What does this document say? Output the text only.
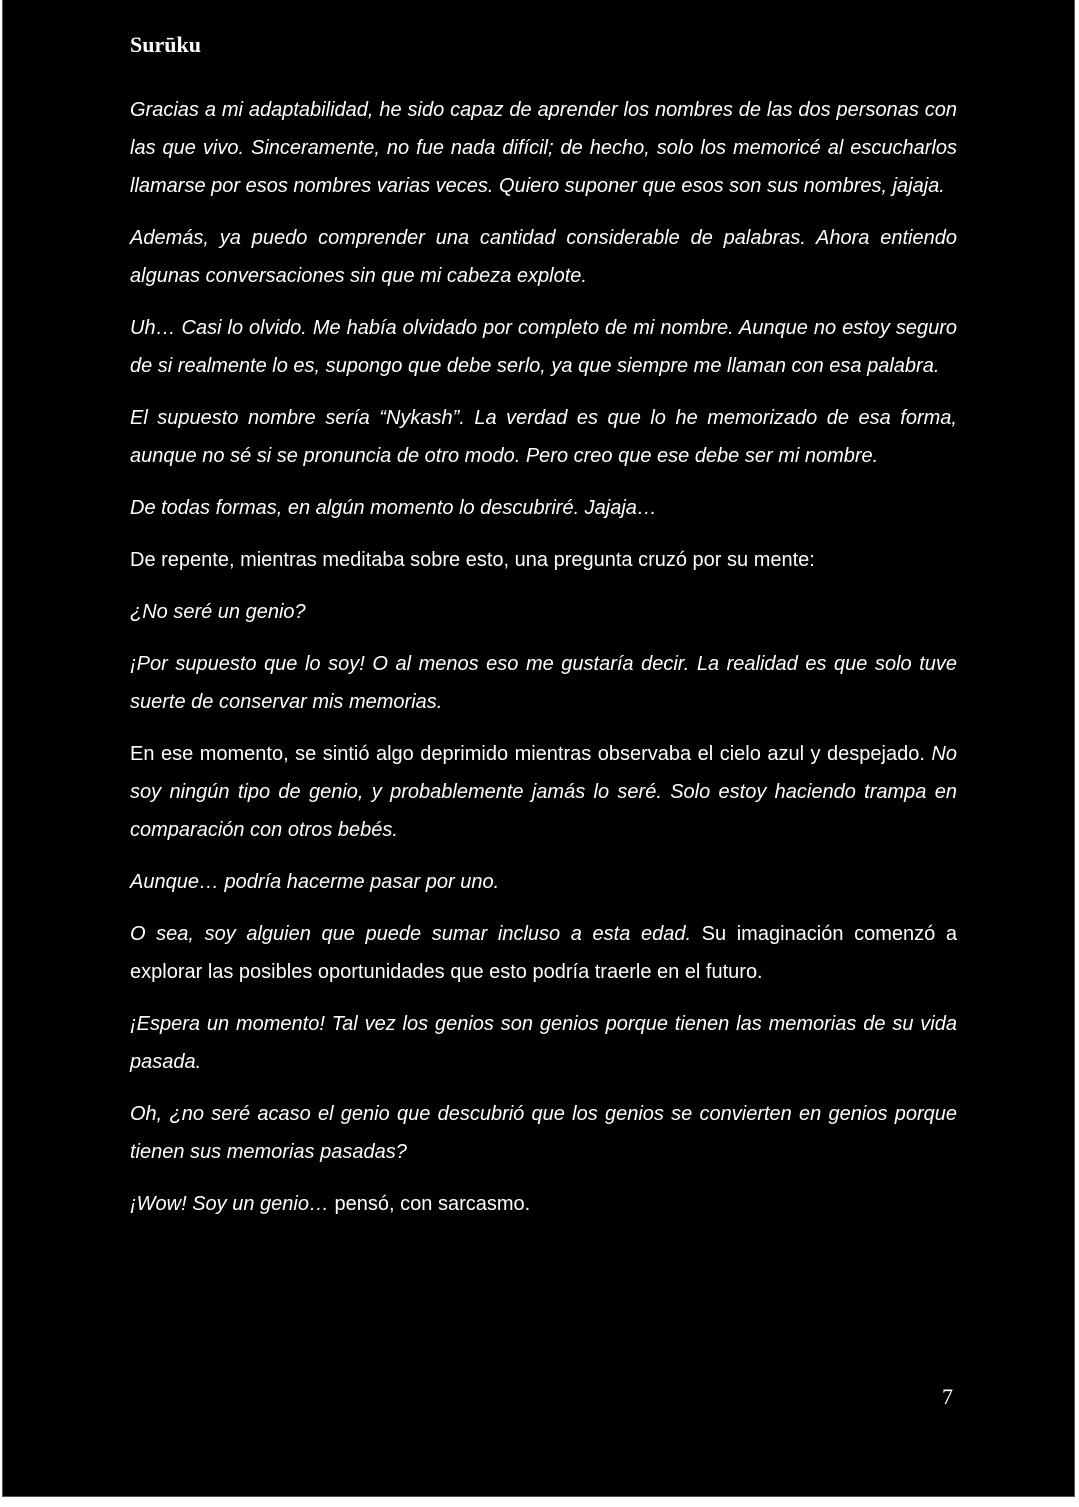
Surūku

Gracias a mi adaptabilidad, he sido capaz de aprender los nombres de las dos personas con las que vivo. Sinceramente, no fue nada difícil; de hecho, solo los memoricé al escucharlos llamarse por esos nombres varias veces. Quiero suponer que esos son sus nombres, jajaja.

Además, ya puedo comprender una cantidad considerable de palabras. Ahora entiendo algunas conversaciones sin que mi cabeza explote.

Uh… Casi lo olvido. Me había olvidado por completo de mi nombre. Aunque no estoy seguro de si realmente lo es, supongo que debe serlo, ya que siempre me llaman con esa palabra.

El supuesto nombre sería “Nykash”. La verdad es que lo he memorizado de esa forma, aunque no sé si se pronuncia de otro modo. Pero creo que ese debe ser mi nombre.

De todas formas, en algún momento lo descubriré. Jajaja…

De repente, mientras meditaba sobre esto, una pregunta cruzó por su mente:

¿No seré un genio?

¡Por supuesto que lo soy! O al menos eso me gustaría decir. La realidad es que solo tuve suerte de conservar mis memorias.

En ese momento, se sintió algo deprimido mientras observaba el cielo azul y despejado. No soy ningún tipo de genio, y probablemente jamás lo seré. Solo estoy haciendo trampa en comparación con otros bebés.

Aunque… podría hacerme pasar por uno.

O sea, soy alguien que puede sumar incluso a esta edad. Su imaginación comenzó a explorar las posibles oportunidades que esto podría traerle en el futuro.

¡Espera un momento! Tal vez los genios son genios porque tienen las memorias de su vida pasada.

Oh, ¿no seré acaso el genio que descubrió que los genios se convierten en genios porque tienen sus memorias pasadas?

¡Wow! Soy un genio… pensó, con sarcasmo.

7
